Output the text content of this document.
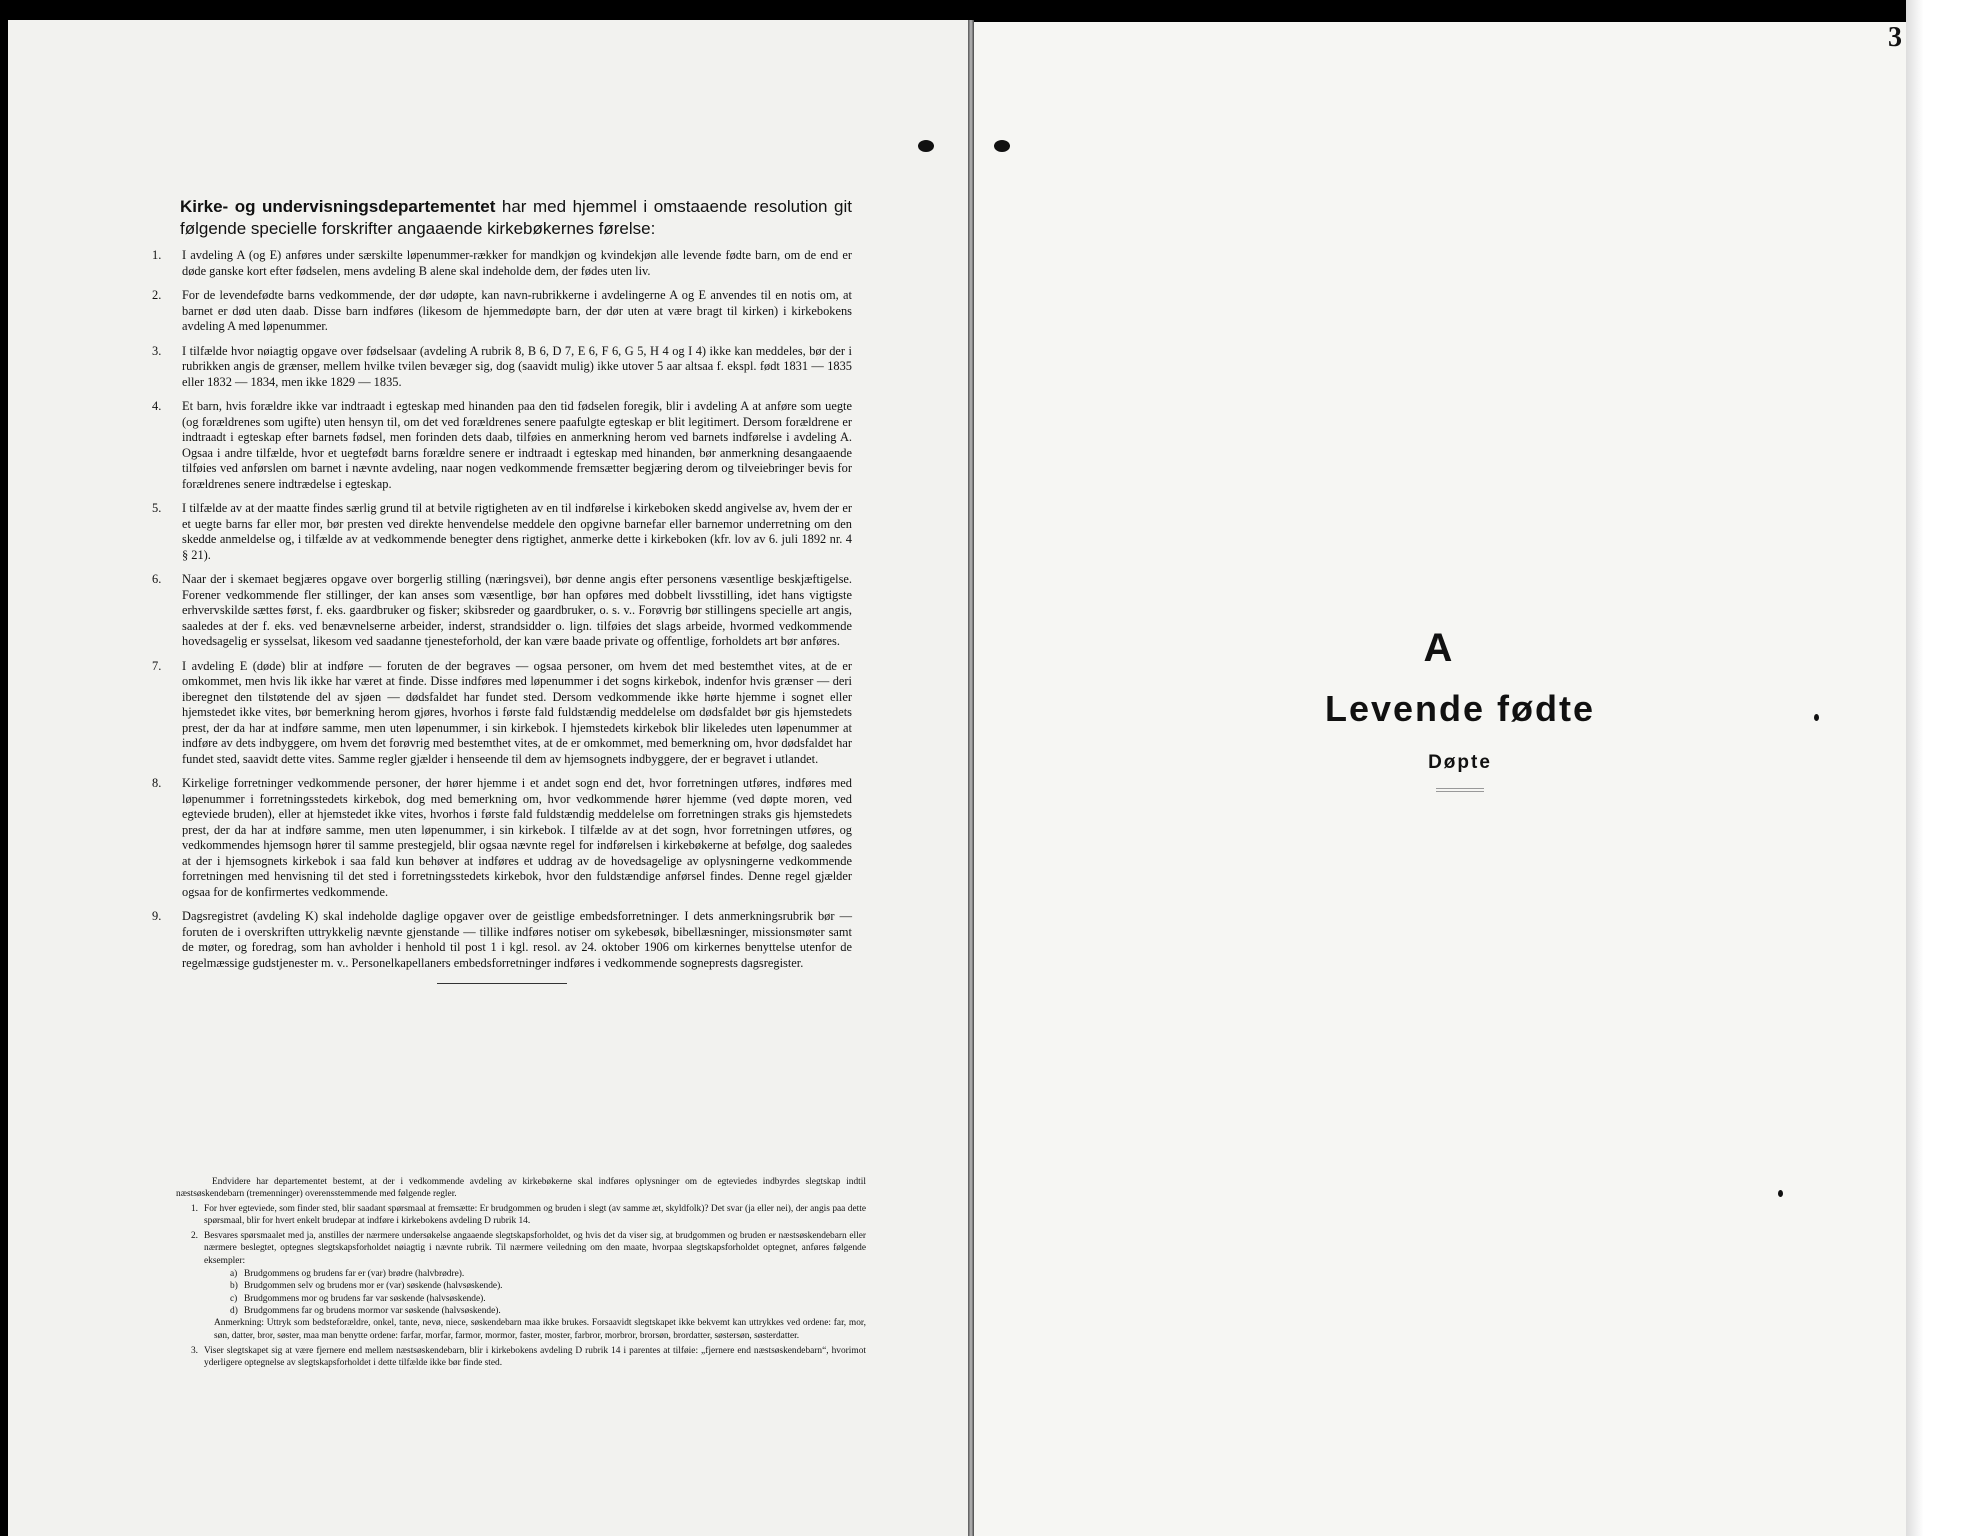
3
Kirke- og undervisningsdepartementet har med hjemmel i omstaaende resolution git følgende specielle forskrifter angaaende kirkebøkernes førelse:
1.	I avdeling A (og E) anføres under særskilte løpenummer-rækker for mandkjøn og kvindekjøn alle levende fødte barn, om de end er døde ganske kort efter fødselen, mens avdeling B alene skal indeholde dem, der fødes uten liv.
2.	For de levendefødte barns vedkommende, der dør udøpte, kan navn-rubrikkerne i avdelingerne A og E anvendes til en notis om, at barnet er død uten daab. Disse barn indføres (likesom de hjemmedøpte barn, der dør uten at være bragt til kirken) i kirkebokens avdeling A med løpenummer.
3.	I tilfælde hvor nøiagtig opgave over fødselsaar (avdeling A rubrik 8, B 6, D 7, E 6, F 6, G 5, H 4 og I 4) ikke kan meddeles, bør der i rubrikken angis de grænser, mellem hvilke tvilen bevæger sig, dog (saavidt mulig) ikke utover 5 aar altsaa f. ekspl. født 1831 — 1835 eller 1832 — 1834, men ikke 1829 — 1835.
4.	Et barn, hvis forældre ikke var indtraadt i egteskap med hinanden paa den tid fødselen foregik, blir i avdeling A at anføre som uegte (og forældrenes som ugifte) uten hensyn til, om det ved forældrenes senere paafulgte egteskap er blit legitimert. Dersom forældrene er indtraadt i egteskap efter barnets fødsel, men forinden dets daab, tilføies en anmerkning herom ved barnets indførelse i avdeling A. Ogsaa i andre tilfælde, hvor et uegtefødt barns forældre senere er indtraadt i egteskap med hinanden, bør anmerkning desangaaende tilføies ved anførslen om barnet i nævnte avdeling, naar nogen vedkommende fremsætter begjæring derom og tilveiebringer bevis for forældrenes senere indtrædelse i egteskap.
5.	I tilfælde av at der maatte findes særlig grund til at betvile rigtigheten av en til indførelse i kirkeboken skedd angivelse av, hvem der er et uegte barns far eller mor, bør presten ved direkte henvendelse meddele den opgivne barnefar eller barnemor underretning om den skedde anmeldelse og, i tilfælde av at vedkommende benegter dens rigtighet, anmerke dette i kirkeboken (kfr. lov av 6. juli 1892 nr. 4 § 21).
6.	Naar der i skemaet begjæres opgave over borgerlig stilling (næringsvei), bør denne angis efter personens væsentlige beskjæftigelse. Forener vedkommende fler stillinger, der kan anses som væsentlige, bør han opføres med dobbelt livsstilling, idet hans vigtigste erhvervskilde sættes først, f. eks. gaardbruker og fisker; skibsreder og gaardbruker, o. s. v.. Forøvrig bør stillingens specielle art angis, saaledes at der f. eks. ved benævnelserne arbeider, inderst, strandsidder o. lign. tilføies det slags arbeide, hvormed vedkommende hovedsagelig er sysselsat, likesom ved saadanne tjenesteforhold, der kan være baade private og offentlige, forholdets art bør anføres.
7.	I avdeling E (døde) blir at indføre — foruten de der begraves — ogsaa personer, om hvem det med bestemthet vites, at de er omkommet, men hvis lik ikke har været at finde. Disse indføres med løpenummer i det sogns kirkebok, indenfor hvis grænser — deri iberegnet den tilstøtende del av sjøen — dødsfaldet har fundet sted. Dersom vedkommende ikke hørte hjemme i sognet eller hjemstedet ikke vites, bør bemerkning herom gjøres, hvorhos i første fald fuldstændig meddelelse om dødsfaldet bør gis hjemstedets prest, der da har at indføre samme, men uten løpenummer, i sin kirkebok. I hjemstedets kirkebok blir likeledes uten løpenummer at indføre av dets indbyggere, om hvem det forøvrig med bestemthet vites, at de er omkommet, med bemerkning om, hvor dødsfaldet har fundet sted, saavidt dette vites. Samme regler gjælder i henseende til dem av hjemsognets indbyggere, der er begravet i utlandet.
8.	Kirkelige forretninger vedkommende personer, der hører hjemme i et andet sogn end det, hvor forretningen utføres, indføres med løpenummer i forretningsstedets kirkebok, dog med bemerkning om, hvor vedkommende hører hjemme (ved døpte moren, ved egteviede bruden), eller at hjemstedet ikke vites, hvorhos i første fald fuldstændig meddelelse om forretningen straks gis hjemstedets prest, der da har at indføre samme, men uten løpenummer, i sin kirkebok. I tilfælde av at det sogn, hvor forretningen utføres, og vedkommendes hjemsogn hører til samme prestegjeld, blir ogsaa nævnte regel for indførelsen i kirkebøkerne at befølge, dog saaledes at der i hjemsognets kirkebok i saa fald kun behøver at indføres et uddrag av de hovedsagelige av oplysningerne vedkommende forretningen med henvisning til det sted i forretningsstedets kirkebok, hvor den fuldstændige anførsel findes. Denne regel gjælder ogsaa for de konfirmertes vedkommende.
9.	Dagsregistret (avdeling K) skal indeholde daglige opgaver over de geistlige embedsforretninger. I dets anmerkningsrubrik bør — foruten de i overskriften uttrykkelig nævnte gjenstande — tillike indføres notiser om sykebesøk, bibellæsninger, missionsmøter samt de møter, og foredrag, som han avholder i henhold til post 1 i kgl. resol. av 24. oktober 1906 om kirkernes benyttelse utenfor de regelmæssige gudstjenester m. v.. Personelkapellaners embedsforretninger indføres i vedkommende sogneprests dagsregister.

Endvidere har departementet bestemt, at der i vedkommende avdeling av kirkebøkerne skal indføres oplysninger om de egteviedes indbyrdes slegtskap indtil næstsøskendebarn (tremenninger) overensstemmende med følgende regler.

1. For hver egteviede, som finder sted, blir saadant spørsmaal at fremsætte: Er brudgommen og bruden i slegt (av samme æt, skyldfolk)? Det svar (ja eller nei), der angis paa dette spørsmaal, blir for hvert enkelt brudepar at indføre i kirkebokens avdeling D rubrik 14.
2. Besvares spørsmaalet med ja, anstilles der nærmere undersøkelse angaaende slegtskapsforholdet, og hvis det da viser sig, at brudgommen og bruden er næstsøskendebarn eller nærmere beslegtet, optegnes slegtskapsforholdet nøiagtig i nævnte rubrik. Til nærmere veiledning om den maate, hvorpaa slegtskapsforholdet optegnet, anføres følgende eksempler:
a) Brudgommens og brudens far er (var) brødre (halvbrødre).
b) Brudgommen selv og brudens mor er (var) søskende (halvsøskende).
c) Brudgommens mor og brudens far var søskende (halvsøskende).
d) Brudgommens far og brudens mormor var søskende (halvsøskende).
Anmerkning: Uttryk som bedsteforældre, onkel, tante, nevø, niece, søskendebarn maa ikke brukes. Forsaavidt slegtskapet ikke bekvemt kan uttrykkes ved ordene: far, mor, søn, datter, bror, søster, maa man benytte ordene: farfar, morfar, farmor, mormor, faster, moster, farbror, morbror, brorsøn, brordatter, søstersøn, søsterdatter.
3. Viser slegtskapet sig at være fjernere end mellem næstsøskendebarn, blir i kirkebokens avdeling D rubrik 14 i parentes at tilføie: „fjernere end næstsøskendebarn“, hvorimot yderligere optegnelse av slegtskapsforholdet i dette tilfælde ikke bør finde sted.
A
Levende fødte
Døpte
